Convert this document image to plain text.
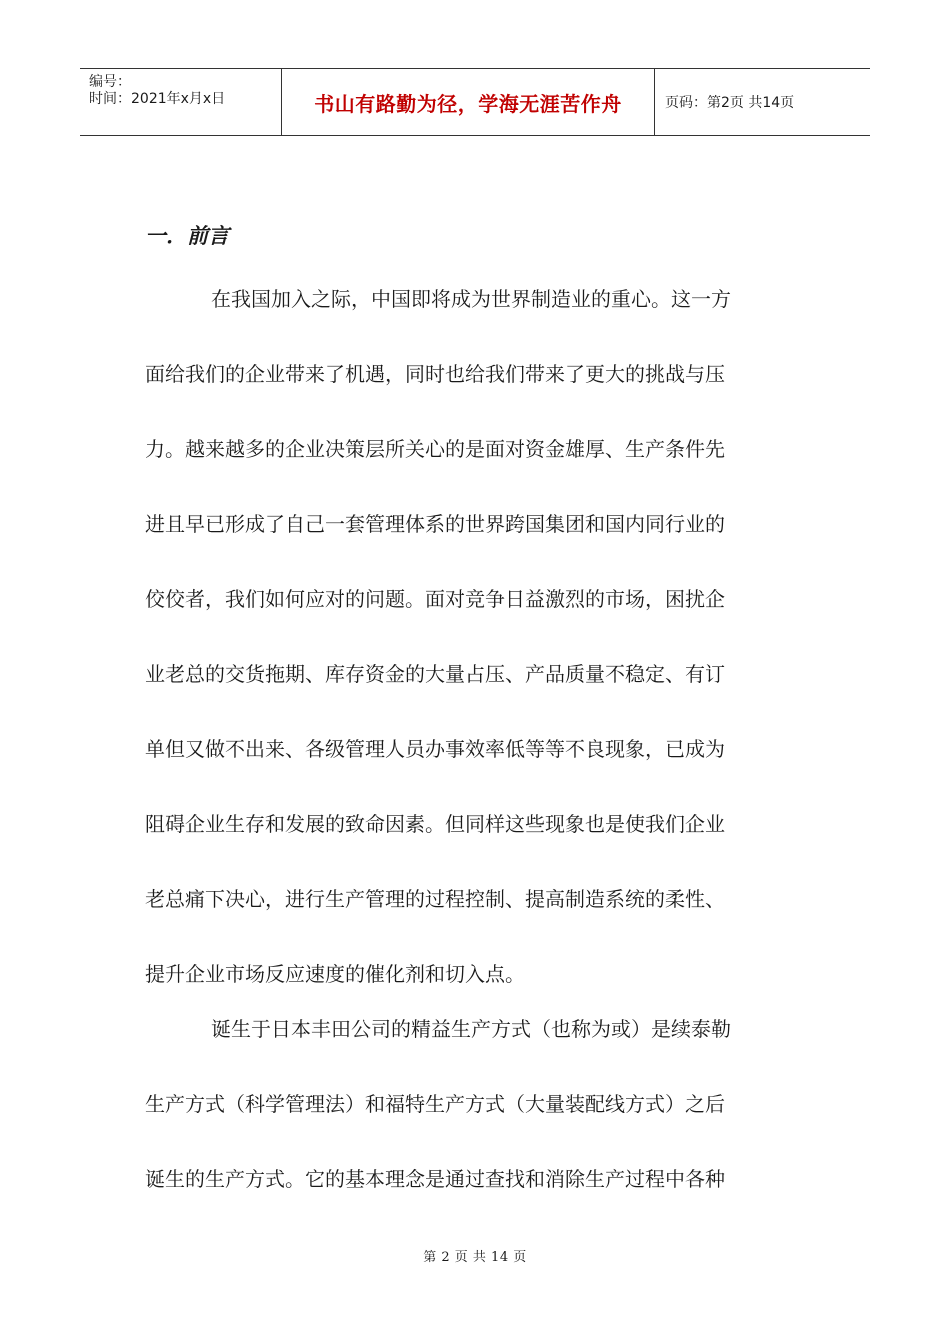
编号：
时间：2021年x月x日	书山有路勤为径，学海无涯苦作舟	页码：第2页 共14页
一．前言
在我国加入之际，中国即将成为世界制造业的重心。这一方
面给我们的企业带来了机遇，同时也给我们带来了更大的挑战与压
力。越来越多的企业决策层所关心的是面对资金雄厚、生产条件先
进且早已形成了自己一套管理体系的世界跨国集团和国内同行业的
佼佼者，我们如何应对的问题。面对竞争日益激烈的市场，困扰企
业老总的交货拖期、库存资金的大量占压、产品质量不稳定、有订
单但又做不出来、各级管理人员办事效率低等等不良现象，已成为
阻碍企业生存和发展的致命因素。但同样这些现象也是使我们企业
老总痛下决心，进行生产管理的过程控制、提高制造系统的柔性、
提升企业市场反应速度的催化剂和切入点。
诞生于日本丰田公司的精益生产方式（也称为或）是续泰勒
生产方式（科学管理法）和福特生产方式（大量装配线方式）之后
诞生的生产方式。它的基本理念是通过查找和消除生产过程中各种
第 2 页 共 14 页
